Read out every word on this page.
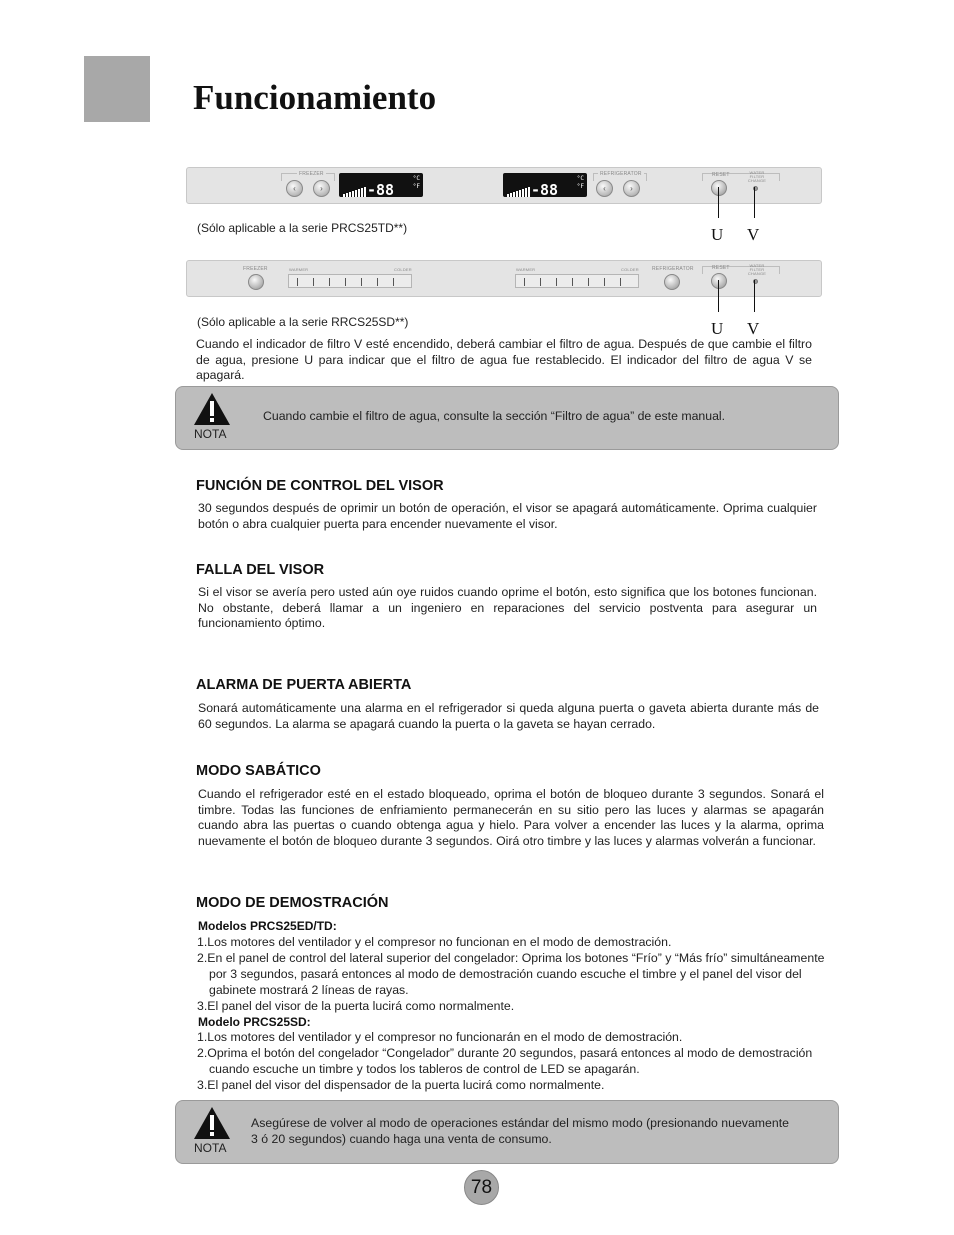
Funcionamiento
FREEZER
‹	›	-88
°C
°F	-88
°C
°F
REFRIGERATOR
‹	›
RESET	WATER FILTER CHANGE
U V
(Sólo aplicable a la serie PRCS25TD**)
FREEZER	WARMER	COLDER	WARMER	COLDER	REFRIGERATOR	RESET	WATER FILTER CHANGE
U V
(Sólo aplicable a la serie RRCS25SD**)

Cuando el indicador de filtro V esté encendido, deberá cambiar el filtro de agua. Después de que cambie el filtro de agua, presione U para indicar que el filtro de agua fue restablecido. El indicador del filtro de agua V se apagará.

NOTA
Cuando cambie el filtro de agua, consulte la sección “Filtro de agua” de este manual.
FUNCIÓN DE CONTROL DEL VISOR

30 segundos después de oprimir un botón de operación, el visor se apagará automáticamente. Oprima cualquier botón o abra cualquier puerta para encender nuevamente el visor.

FALLA DEL VISOR

Si el visor se avería pero usted aún oye ruidos cuando oprime el botón, esto significa que los botones funcionan. No obstante, deberá llamar a un ingeniero en reparaciones del servicio postventa para asegurar un funcionamiento óptimo.

ALARMA DE PUERTA ABIERTA

Sonará automáticamente una alarma en el refrigerador si queda alguna puerta o gaveta abierta durante más de 60 segundos. La alarma se apagará cuando la puerta o la gaveta se hayan cerrado.

MODO SABÁTICO

Cuando el refrigerador esté en el estado bloqueado, oprima el botón de bloqueo durante 3 segundos. Sonará el timbre. Todas las funciones de enfriamiento permanecerán en su sitio pero las luces y alarmas se apagarán cuando abra las puertas o cuando obtenga agua y hielo. Para volver a encender las luces y la alarma, oprima nuevamente el botón de bloqueo durante 3 segundos. Oirá otro timbre y las luces y alarmas volverán a funcionar.

MODO DE DEMOSTRACIÓN
Modelos PRCS25ED/TD:
1.Los motores del ventilador y el compresor no funcionan en el modo de demostración.
2.En el panel de control del lateral superior del congelador: Oprima los botones “Frío” y “Más frío” simultáneamente
por 3 segundos, pasará entonces al modo de demostración cuando escuche el timbre y el panel del visor del
gabinete mostrará 2 líneas de rayas.
3.El panel del visor de la puerta lucirá como normalmente.
Modelo PRCS25SD:
1.Los motores del ventilador y el compresor no funcionarán en el modo de demostración.
2.Oprima el botón del congelador “Congelador” durante 20 segundos, pasará entonces al modo de demostración
cuando escuche un timbre y todos los tableros de control de LED se apagarán.
3.El panel del visor del dispensador de la puerta lucirá como normalmente.
NOTA
Asegúrese de volver al modo de operaciones estándar del mismo modo (presionando nuevamente
3 ó 20 segundos) cuando haga una venta de consumo.
78
